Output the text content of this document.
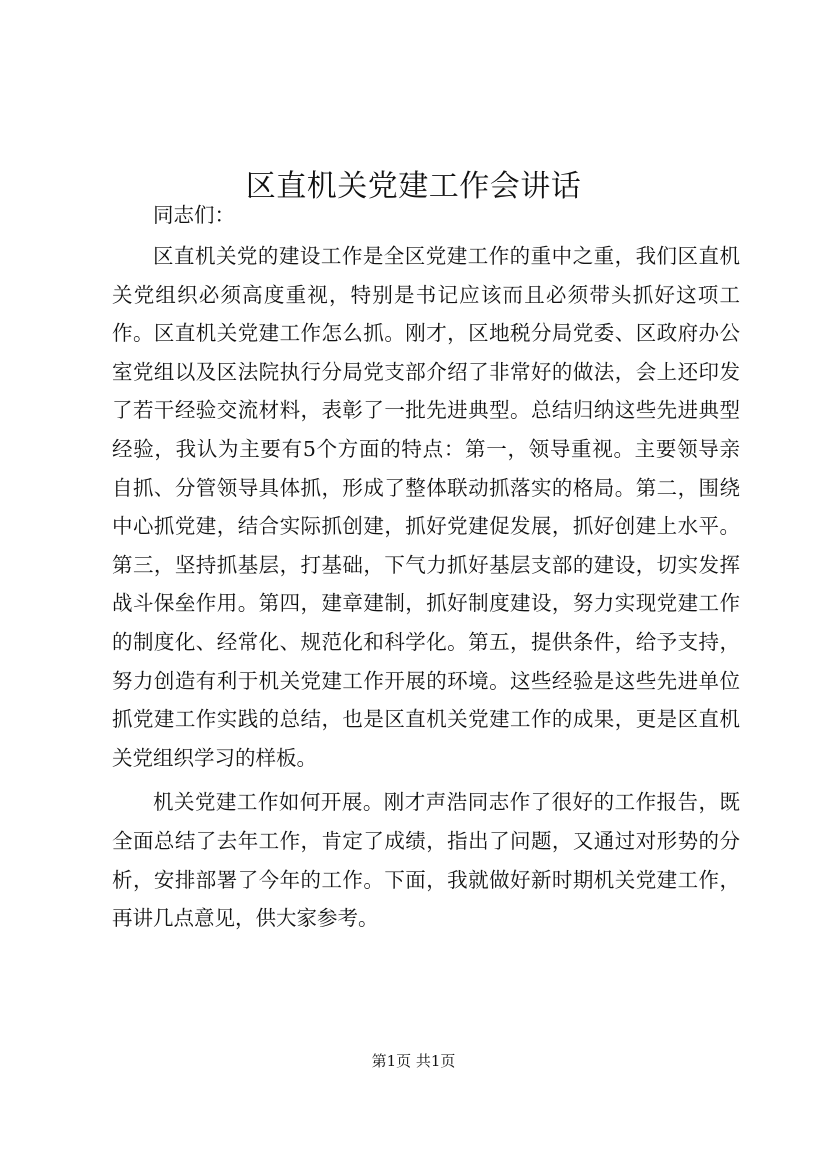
区直机关党建工作会讲话

同志们：

区直机关党的建设工作是全区党建工作的重中之重，我们区直机关党组织必须高度重视，特别是书记应该而且必须带头抓好这项工作。区直机关党建工作怎么抓。刚才，区地税分局党委、区政府办公室党组以及区法院执行分局党支部介绍了非常好的做法，会上还印发了若干经验交流材料，表彰了一批先进典型。总结归纳这些先进典型经验，我认为主要有5个方面的特点：第一，领导重视。主要领导亲自抓、分管领导具体抓，形成了整体联动抓落实的格局。第二，围绕中心抓党建，结合实际抓创建，抓好党建促发展，抓好创建上水平。第三，坚持抓基层，打基础，下气力抓好基层支部的建设，切实发挥战斗保垒作用。第四，建章建制，抓好制度建设，努力实现党建工作的制度化、经常化、规范化和科学化。第五，提供条件，给予支持，努力创造有利于机关党建工作开展的环境。这些经验是这些先进单位抓党建工作实践的总结，也是区直机关党建工作的成果，更是区直机关党组织学习的样板。

机关党建工作如何开展。刚才声浩同志作了很好的工作报告，既全面总结了去年工作，肯定了成绩，指出了问题，又通过对形势的分析，安排部署了今年的工作。下面，我就做好新时期机关党建工作，再讲几点意见，供大家参考。

第1页 共1页
